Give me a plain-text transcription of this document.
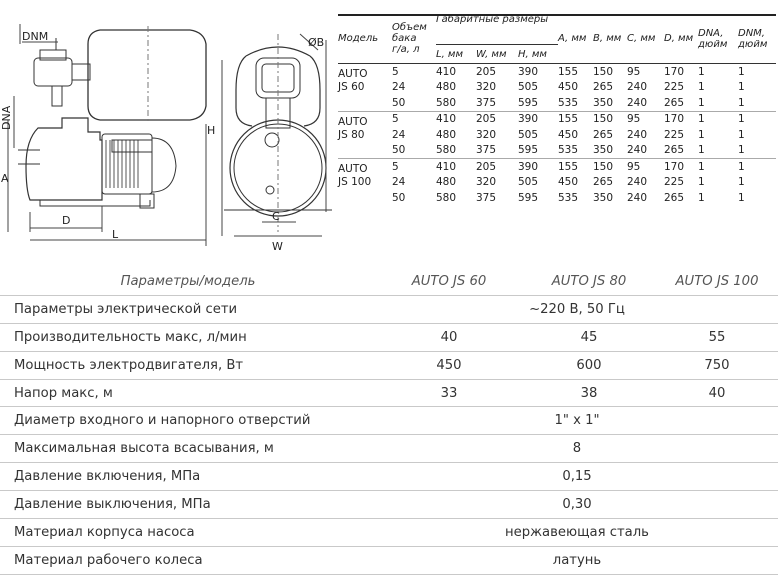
DNM
DNA
A
D
L
H
ØB
C
W
Модель	Объем
бака
г/а, л	Габаритные размеры			A, мм	B, мм	C, мм	D, мм	DNA,
дюйм	DNM,
дюйм
		L, мм	W, мм	H, мм						
AUTO
JS 60	5	410	205	390	155	150	95	170	1	1
	24	480	320	505	450	265	240	225	1	1
	50	580	375	595	535	350	240	265	1	1
AUTO
JS 80	5	410	205	390	155	150	95	170	1	1
	24	480	320	505	450	265	240	225	1	1
	50	580	375	595	535	350	240	265	1	1
AUTO
JS 100	5	410	205	390	155	150	95	170	1	1
	24	480	320	505	450	265	240	225	1	1
	50	580	375	595	535	350	240	265	1	1
Параметры/модель	AUTO JS 60	AUTO JS 80	AUTO JS 100
Параметры электрической сети	~220 В, 50 Гц		
Производительность макс, л/мин	40	45	55
Мощность электродвигателя, Вт	450	600	750
Напор макс, м	33	38	40
Диаметр входного и напорного отверстий	1" х 1"		
Максимальная высота всасывания, м	8		
Давление включения, МПа	0,15		
Давление выключения, МПа	0,30		
Материал корпуса насоса	нержавеющая сталь		
Материал рабочего колеса	латунь		
